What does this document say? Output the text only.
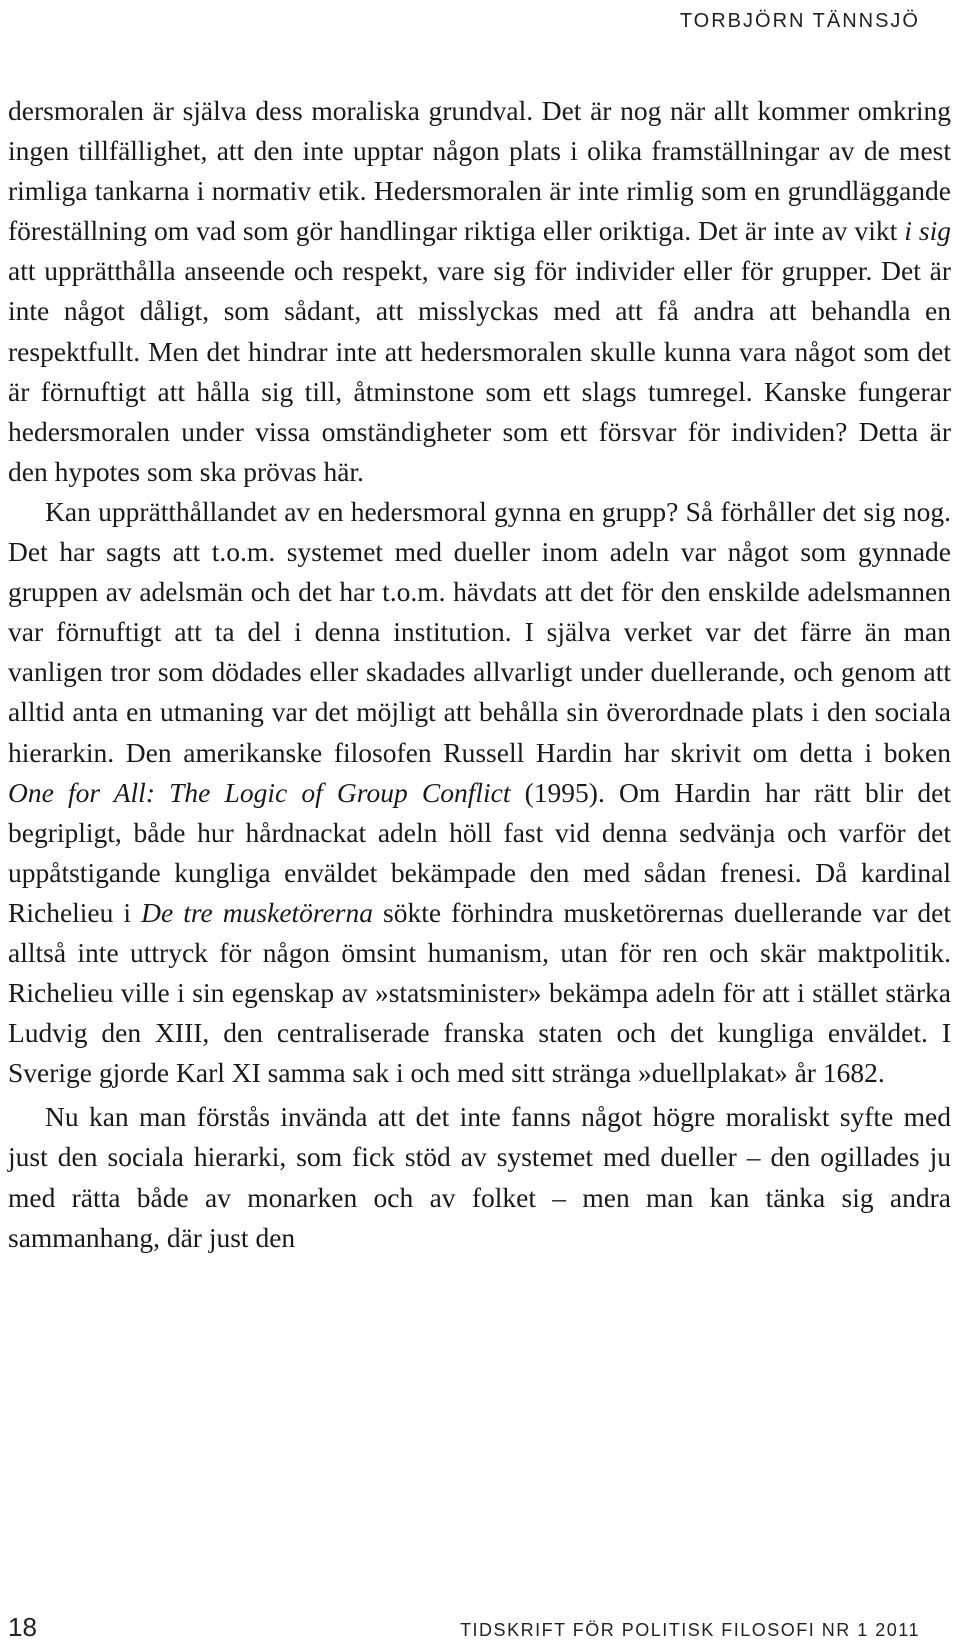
TORBJÖRN TÄNNSJÖ

dersmoralen är själva dess moraliska grundval. Det är nog när allt kommer omkring ingen tillfällighet, att den inte upptar någon plats i olika framställningar av de mest rimliga tankarna i normativ etik. Hedersmoralen är inte rimlig som en grundläggande föreställning om vad som gör handlingar riktiga eller oriktiga. Det är inte av vikt i sig att upprätthålla anseende och respekt, vare sig för individer eller för grupper. Det är inte något dåligt, som sådant, att misslyckas med att få andra att behandla en respektfullt. Men det hindrar inte att hedersmoralen skulle kunna vara något som det är förnuftigt att hålla sig till, åtminstone som ett slags tumregel. Kanske fungerar hedersmoralen under vissa omständigheter som ett försvar för individen? Detta är den hypotes som ska prövas här.

Kan upprätthållandet av en hedersmoral gynna en grupp? Så förhåller det sig nog. Det har sagts att t.o.m. systemet med dueller inom adeln var något som gynnade gruppen av adelsmän och det har t.o.m. hävdats att det för den enskilde adelsmannen var förnuftigt att ta del i denna institution. I själva verket var det färre än man vanligen tror som dödades eller skadades allvarligt under duellerande, och genom att alltid anta en utmaning var det möjligt att behålla sin överordnade plats i den sociala hierarkin. Den amerikanske filosofen Russell Hardin har skrivit om detta i boken One for All: The Logic of Group Conflict (1995). Om Hardin har rätt blir det begripligt, både hur hårdnackat adeln höll fast vid denna sedvänja och varför det uppåtstigande kungliga enväldet bekämpade den med sådan frenesi. Då kardinal Richelieu i De tre musketörerna sökte förhindra musketörernas duellerande var det alltså inte uttryck för någon ömsint humanism, utan för ren och skär maktpolitik. Richelieu ville i sin egenskap av »statsminister» bekämpa adeln för att i stället stärka Ludvig den XIII, den centraliserade franska staten och det kungliga enväldet. I Sverige gjorde Karl XI samma sak i och med sitt stränga »duellplakat» år 1682.

Nu kan man förstås invända att det inte fanns något högre moraliskt syfte med just den sociala hierarki, som fick stöd av systemet med dueller – den ogillades ju med rätta både av monarken och av folket – men man kan tänka sig andra sammanhang, där just den

18	TIDSKRIFT FÖR POLITISK FILOSOFI NR 1 2011
